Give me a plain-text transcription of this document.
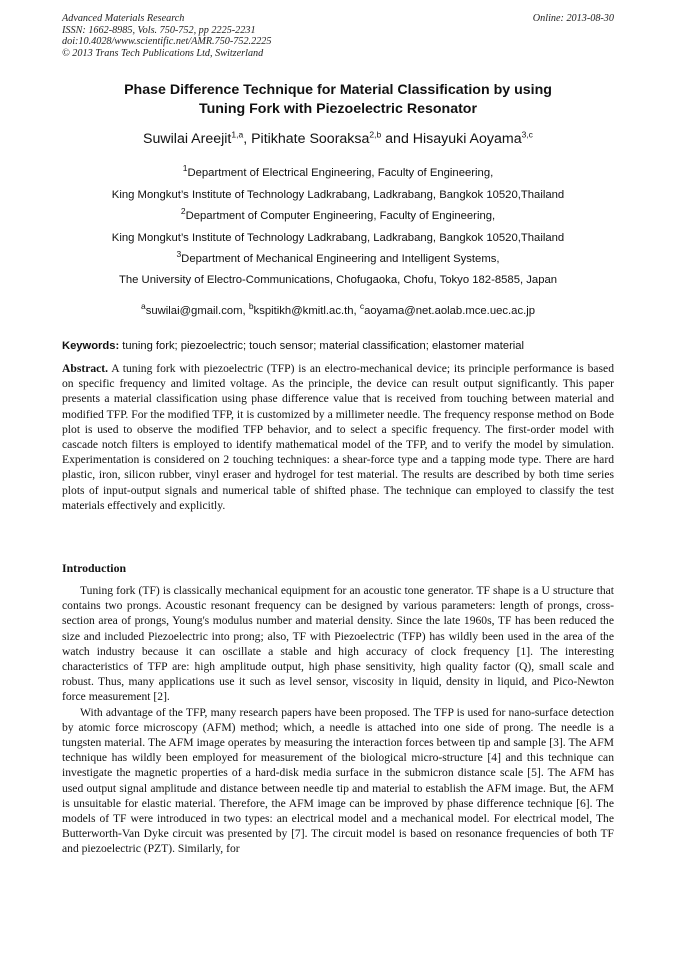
Advanced Materials Research
ISSN: 1662-8985, Vols. 750-752, pp 2225-2231
doi:10.4028/www.scientific.net/AMR.750-752.2225
© 2013 Trans Tech Publications Ltd, Switzerland
Online: 2013-08-30
Phase Difference Technique for Material Classification by using
Tuning Fork with Piezoelectric Resonator
Suwilai Areejit$^{1,a}$, Pitikhate Sooraksa$^{2,b}$ and Hisayuki Aoyama$^{3,c}$
$^1$Department of Electrical Engineering, Faculty of Engineering,
King Mongkut’s Institute of Technology Ladkrabang, Ladkrabang, Bangkok 10520,Thailand
$^2$Department of Computer Engineering, Faculty of Engineering,
King Mongkut’s Institute of Technology Ladkrabang, Ladkrabang, Bangkok 10520,Thailand
$^3$Department of Mechanical Engineering and Intelligent Systems,
The University of Electro-Communications, Chofugaoka, Chofu, Tokyo 182-8585, Japan
$^a$suwilai@gmail.com, $^b$kspitikh@kmitl.ac.th, $^c$aoyama@net.aolab.mce.uec.ac.jp
Keywords: tuning fork; piezoelectric; touch sensor; material classification; elastomer material

Abstract. A tuning fork with piezoelectric (TFP) is an electro-mechanical device; its principle performance is based on specific frequency and limited voltage. As the principle, the device can result output significantly. This paper presents a material classification using phase difference value that is received from touching between material and modified TFP. For the modified TFP, it is customized by a millimeter needle. The frequency response method on Bode plot is used to observe the modified TFP behavior, and to select a specific frequency. The first-order model with cascade notch filters is employed to identify mathematical model of the TFP, and to verify the model by simulation. Experimentation is considered on 2 touching techniques: a shear-force type and a tapping mode type. There are hard plastic, iron, silicon rubber, vinyl eraser and hydrogel for test material. The results are described by both time series plots of input-output signals and numerical table of shifted phase. The technique can employed to classify the test materials effectively and explicitly.

Introduction

Tuning fork (TF) is classically mechanical equipment for an acoustic tone generator. TF shape is a U structure that contains two prongs. Acoustic resonant frequency can be designed by various parameters: length of prongs, cross-section area of prongs, Young's modulus number and material density. Since the late 1960s, TF has been reduced the size and included Piezoelectric into prong; also, TF with Piezoelectric (TFP) has wildly been used in the area of the watch industry because it can oscillate a stable and high accuracy of clock frequency [1]. The interesting characteristics of TFP are: high amplitude output, high phase sensitivity, high quality factor (Q), small scale and robust. Thus, many applications use it such as level sensor, viscosity in liquid, density in liquid, and Pico-Newton force measurement [2].

With advantage of the TFP, many research papers have been proposed. The TFP is used for nano-surface detection by atomic force microscopy (AFM) method; which, a needle is attached into one side of prong. The needle is a tungsten material. The AFM image operates by measuring the interaction forces between tip and sample [3]. The AFM technique has wildly been employed for measurement of the biological micro-structure [4] and this technique can investigate the magnetic properties of a hard-disk media surface in the submicron distance scale [5]. The AFM has used output signal amplitude and distance between needle tip and material to establish the AFM image. But, the AFM is unsuitable for elastic material. Therefore, the AFM image can be improved by phase difference technique [6]. The models of TF were introduced in two types: an electrical model and a mechanical model. For electrical model, The Butterworth-Van Dyke circuit was presented by [7]. The circuit model is based on resonance frequencies of both TF and piezoelectric (PZT). Similarly, for
